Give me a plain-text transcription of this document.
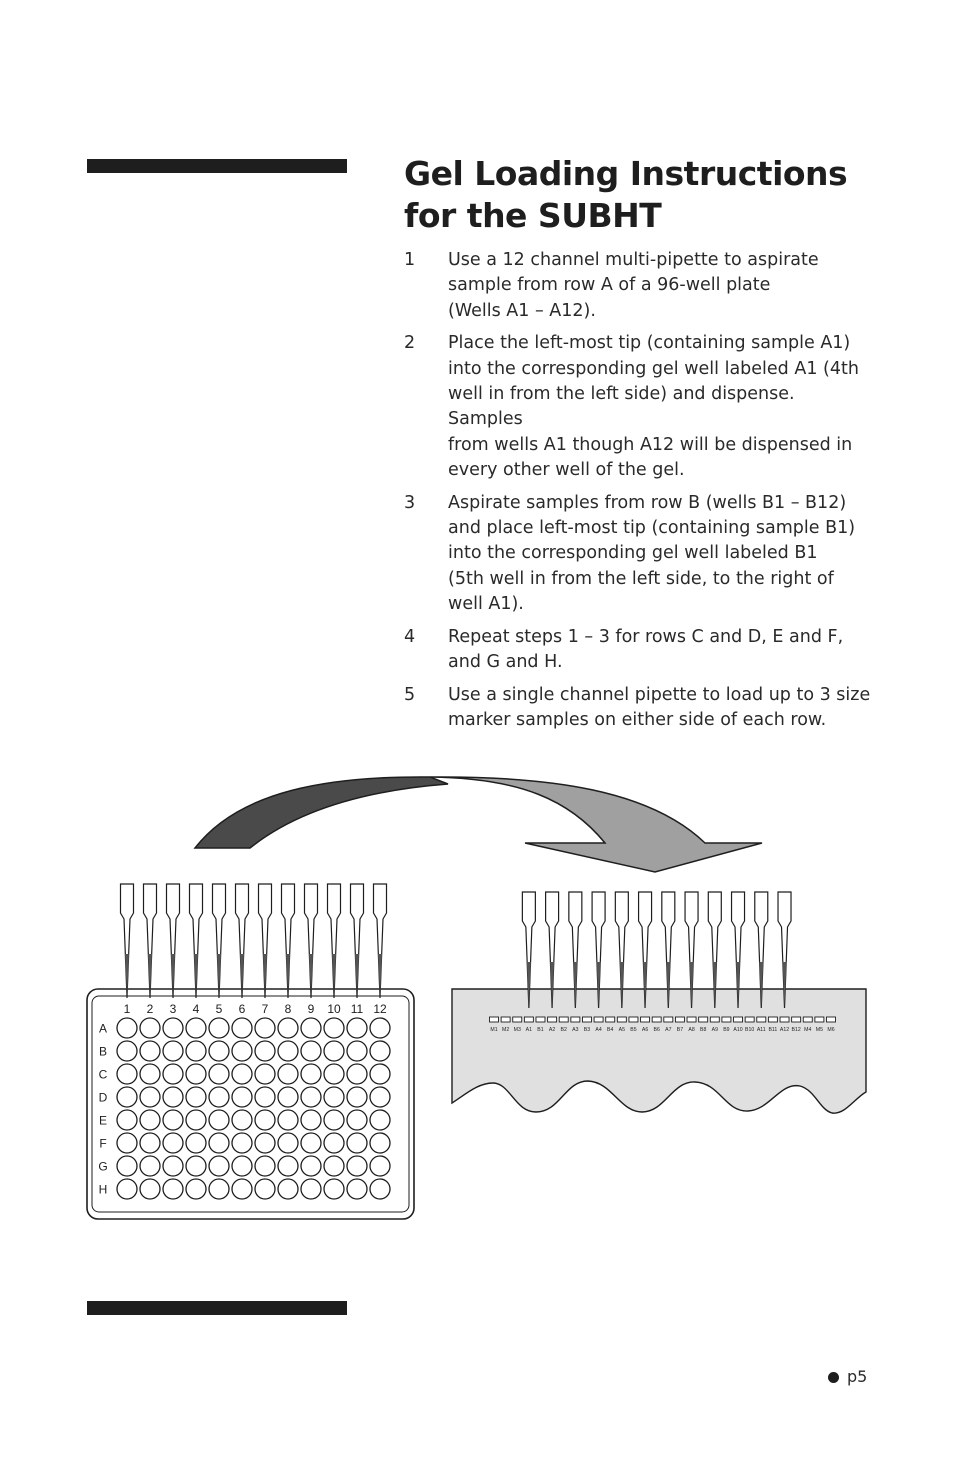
Gel Loading Instructions
for the SUBHT
1	Use a 12 channel multi-pipette to aspirate
sample from row A of a 96-well plate
(Wells A1 – A12).
2	Place the left-most tip (containing sample A1)
into the corresponding gel well labeled A1 (4th
well in from the left side) and dispense. Samples
from wells A1 though A12 will be dispensed in
every other well of the gel.
3	Aspirate samples from row B (wells B1 – B12)
and place left-most tip (containing sample B1)
into the corresponding gel well labeled B1
(5th well in from the left side, to the right of
well A1).
4	Repeat steps 1 – 3 for rows C and D, E and F,
and G and H.
5	Use a single channel pipette to load up to 3 size
marker samples on either side of each row.
1 2 3 4 5 6 7 8 9 10 11 12
A
B
C
D
E
F
G
H
M1 M2 M3 A1 B1 A2 B2 A3 B3 A4 B4 A5 B5 A6 B6 A7 B7 A8 B8 A9 B9 A10 B10 A11 B11 A12 B12 M4 M5 M6
p5
